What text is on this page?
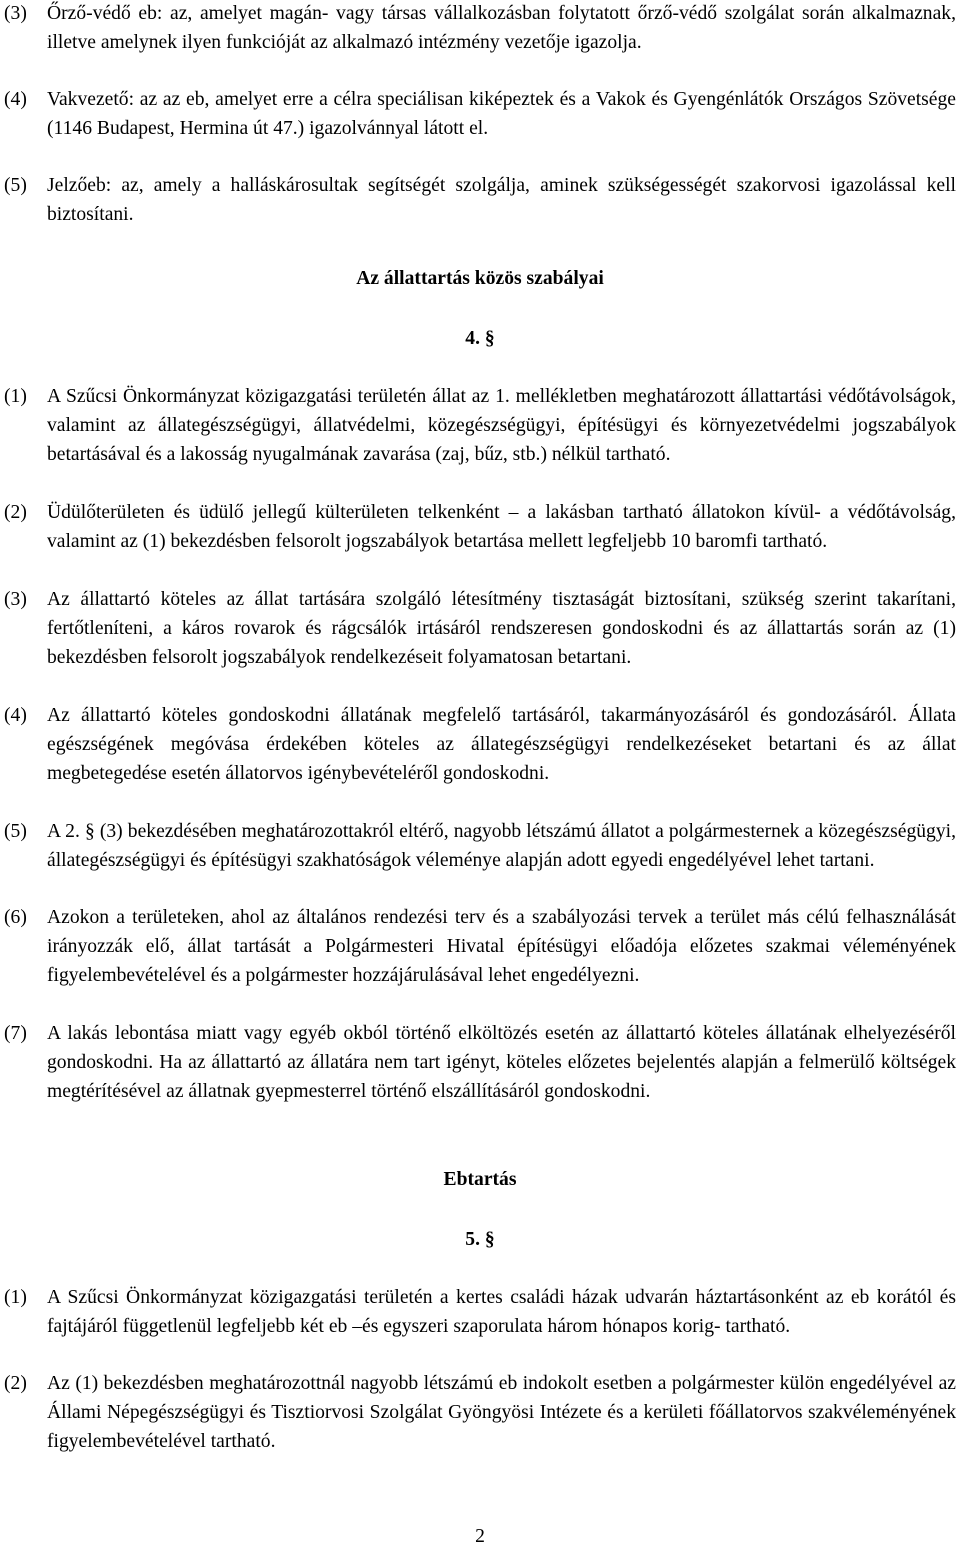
(3) Őrző-védő eb: az, amelyet magán- vagy társas vállalkozásban folytatott őrző-védő szolgálat során alkalmaznak, illetve amelynek ilyen funkcióját az alkalmazó intézmény vezetője igazolja.
(4) Vakvezető: az az eb, amelyet erre a célra speciálisan kiképeztek és a Vakok és Gyengénlátók Országos Szövetsége (1146 Budapest, Hermina út 47.) igazolvánnyal látott el.
(5) Jelzőeb: az, amely a halláskárosultak segítségét szolgálja, aminek szükségességét szakorvosi igazolással kell biztosítani.
Az állattartás közös szabályai
4. §
(1) A Szűcsi Önkormányzat közigazgatási területén állat az 1. mellékletben meghatározott állattartási védőtávolságok, valamint az állategészségügyi, állatvédelmi, közegészségügyi, építésügyi és környezetvédelmi jogszabályok betartásával és a lakosság nyugalmának zavarása (zaj, bűz, stb.) nélkül tartható.
(2) Üdülőterületen és üdülő jellegű külterületen telkenként – a lakásban tartható állatokon kívül- a védőtávolság, valamint az (1) bekezdésben felsorolt jogszabályok betartása mellett legfeljebb 10 baromfi tartható.
(3) Az állattartó köteles az állat tartására szolgáló létesítmény tisztaságát biztosítani, szükség szerint takarítani, fertőtleníteni, a káros rovarok és rágcsálók irtásáról rendszeresen gondoskodni és az állattartás során az (1) bekezdésben felsorolt jogszabályok rendelkezéseit folyamatosan betartani.
(4) Az állattartó köteles gondoskodni állatának megfelelő tartásáról, takarmányozásáról és gondozásáról. Állata egészségének megóvása érdekében köteles az állategészségügyi rendelkezéseket betartani és az állat megbetegedése esetén állatorvos igénybevételéről gondoskodni.
(5) A 2. § (3) bekezdésében meghatározottakról eltérő, nagyobb létszámú állatot a polgármesternek a közegészségügyi, állategészségügyi és építésügyi szakhatóságok véleménye alapján adott egyedi engedélyével lehet tartani.
(6) Azokon a területeken, ahol az általános rendezési terv és a szabályozási tervek a terület más célú felhasználását irányozzák elő, állat tartását a Polgármesteri Hivatal építésügyi előadója előzetes szakmai véleményének figyelembevételével és a polgármester hozzájárulásával lehet engedélyezni.
(7) A lakás lebontása miatt vagy egyéb okból történő elköltözés esetén az állattartó köteles állatának elhelyezéséről gondoskodni. Ha az állattartó az állatára nem tart igényt, köteles előzetes bejelentés alapján a felmerülő költségek megtérítésével az állatnak gyepmesterrel történő elszállításáról gondoskodni.
Ebtartás
5. §
(1) A Szűcsi Önkormányzat közigazgatási területén a kertes családi házak udvarán háztartásonként az eb korától és fajtájáról függetlenül legfeljebb két eb –és egyszeri szaporulata három hónapos korig- tartható.
(2) Az (1) bekezdésben meghatározottnál nagyobb létszámú eb indokolt esetben a polgármester külön engedélyével az Állami Népegészségügyi és Tisztiorvosi Szolgálat Gyöngyösi Intézete és a kerületi főállatorvos szakvéleményének figyelembevételével tartható.
2
